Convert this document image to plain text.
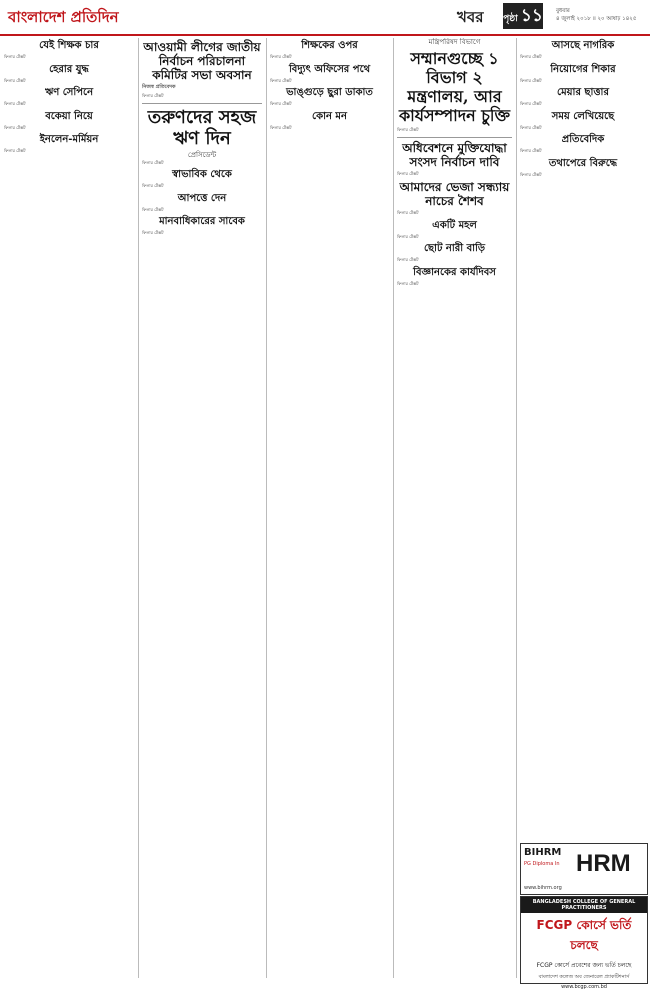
বাংলাদেশ প্রতিদিন	খবর পৃষ্ঠা ১১ বুধবার
৪ জুলাই ২০১৮ ॥ ২০ আষাঢ় ১৪২৫
যেই শিক্ষক চার
ফিলার টেক্সট
হেরার যুদ্ধ
ফিলার টেক্সট
ঋণ সেপিনে
ফিলার টেক্সট
বকেয়া নিয়ে
ফিলার টেক্সট
ইনলেন-মর্মিয়ন
ফিলার টেক্সট
আওয়ামী লীগের জাতীয় নির্বাচন পরিচালনা কমিটির সভা অবসান
নিজস্ব প্রতিবেদক
ফিলার টেক্সট
তরুণদের সহজ ঋণ দিন
প্রেসিডেন্ট
ফিলার টেক্সট
স্বাভাবিক থেকে
ফিলার টেক্সট
আপত্তে দেন
ফিলার টেক্সট
মানবাধিকারের সাবেক
ফিলার টেক্সট
শিক্ষকের ওপর
ফিলার টেক্সট
বিদ্যুৎ অফিসের পথে
ফিলার টেক্সট
ভাঙ্গুড়ে ছুরা ডাকাত
ফিলার টেক্সট
কোন মন
ফিলার টেক্সট
মন্ত্রিপরিষদ বিভাগে
সম্মানগুচ্ছে ১ বিভাগ ২ মন্ত্রণালয়, আর কার্যসম্পাদন চুক্তি
ফিলার টেক্সট
অধিবেশনে মুক্তিযোদ্ধা সংসদ নির্বাচন দাবি
ফিলার টেক্সট
আমাদের ভেজা সন্ধ্যায় নাচের শৈশব
ফিলার টেক্সট
একটি মহল
ফিলার টেক্সট
ছোট নারী বাড়ি
ফিলার টেক্সট
বিজ্ঞানকের কার্যদিবস
ফিলার টেক্সট
আসছে নাগরিক
ফিলার টেক্সট
নিয়োগের শিকার
ফিলার টেক্সট
মেয়ার ছাত্তার
ফিলার টেক্সট
সময় লেখিয়েছে
ফিলার টেক্সট
প্রতিবেদিক
ফিলার টেক্সট
তথাপেরে বিরুদ্ধে
ফিলার টেক্সট
BIHRM
PG Diploma In HRM
www.bihrm.org
BANGLADESH COLLEGE OF GENERAL PRACTITIONERS
FCGP কোর্সে ভর্তি চলছে
FCGP কোর্সে প্রবেশের জন্য ভর্তি চলছে
বাংলাদেশ কলেজ অব জেনারেল প্র্যাকটিশনার্স
www.bcgp.com.bd
